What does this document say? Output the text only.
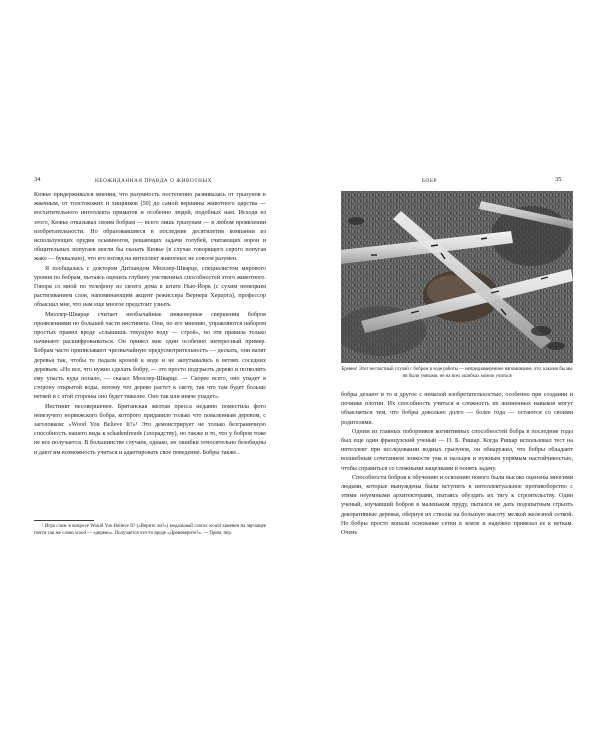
34	НЕОЖИДАННАЯ ПРАВДА О ЖИВОТНЫХ

Кювье придерживался мнения, что разумность постепенно развивалась от грызунов к жвачным, от толстокожих и хищников [50] до самой вершины животного царства — восхитительного интеллекта приматов и особенно людей, подобных нам. Исходя из этого, Кювье отказывал своим бобрам — всего лишь грызунам — в любом проявлении изобретательности. Но образовавшиеся в последние десятилетия компании из использующих орудия осьминогов, решающих задачи голубей, считающих ворон и общительных попугаев могли бы сказать Кювье (в случае говорящего серого попугая жако — буквально), что его взгляд на интеллект животных не совсем разумен.

Я пообщалась с доктором Дитландом Мюллер-Шварце, специалистом мирового уровня по бобрам, пытаясь оценить глубину умственных способностей этого животного. Говоря со мной по телефону из своего дома в штате Нью-Йорк (с сухим немецким растягиванием слов, напоминающим акцент режиссера Вернера Херцога), профессор объяснил мне, что нам еще многое предстоит узнать.

Мюллер-Шварце считает необычайные инженерные свершения бобров проявлениями по большей части инстинкта. Они, по его мнению, управляются набором простых правил вроде «слышишь текущую воду — строй», но эти правила только начинают расшифровываться. Он привел мне один особенно интересный пример. Бобрам часто приписывают чрезвычайную предусмотрительность — дескать, они валят деревья так, чтобы те падали кроной к воде и не запутывались в ветвях соседних деревьев. «Но все, что нужно сделать бобру, — это просто подгрызть дерево и позволить ему упасть куда попало, — сказал Мюллер-Шварце. — Скорее всего, оно упадет в сторону открытой воды, потому что дерево растет к свету, так что там будет больше ветвей и с этой стороны оно будет тяжелее. Оно так или иначе упадет».

Инстинкт несовершенен. Британская желтая пресса недавно поместила фото невезучего норвежского бобра, которого придавило только что поваленным деревом, с заголовком: «Wood You Believe It?»¹ Это демонстрирует не только безграничную способность нашего вида к schadenfreude (злорадству), но также и то, что у бобров тоже не все получается. В большинстве случаев, однако, их ошибки относительно безобидны и дают им возможность учиться и адаптировать свое поведение. Бобры также...

¹ Игра слов: в вопросе Would You Believe It? («Верите ли?») модальный глагол would заменен на звучащее почти так же слово wood — «дерево». Получается что-то вроде «Древоверите?». — Прим. пер.

БОБР	35
Бревно! Этот несчастный случай с бобром в ходе работы — непреднамеренное напоминание, что, какими бы мы ни были умными, не на всех ошибках можно учиться

бобры делают и то и другое с немалой изобретательностью, особенно при создании и починке плотин. Их способность учиться и сложность их жизненных навыков могут объясняться тем, что бобры довольно долго — более года — остаются со своими родителями.

Одним из главных поборников когнитивных способностей бобра в последние годы был еще один французский ученый — П. Б. Ришар. Когда Ришар использовал тест на интеллект при исследовании водных грызунов, он обнаружил, что бобры обладают волшебным сочетанием ловкости ума и пальцев и нужным упрямым настойчивостью, чтобы справиться со сложными защелками и понять задачу.

Способности бобров к обучению и освоению нового были высоко оценены многими людьми, которые вынуждены были вступить в интеллектуальное противоборство с этими неуемными архитекторами, пытаясь обуздать их тягу к строительству. Один ученый, изучавший бобров в маленьком пруду, пытался не дать подопытным сгрызть декоративные деревья, обернув их стволы на большую высоту мелкой железной сеткой. Но бобры просто копали основание сетки в земле и надежно привязал ее к веткам. Очень
